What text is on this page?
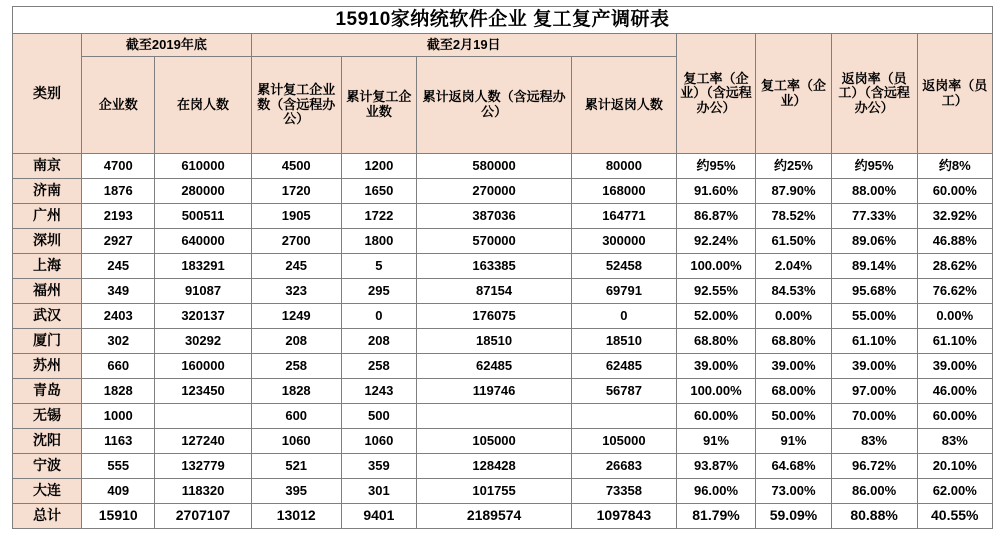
15910家纳统软件企业 复工复产调研表										
类别	截至2019年底		截至2月19日				复工率（企业）（含远程办公）	复工率（企业）	返岗率（员工）（含远程办公）	返岗率（员工）
	企业数	在岗人数	累计复工企业数（含远程办公）	累计复工企业数	累计返岗人数（含远程办公）	累计返岗人数				
南京	4700	610000	4500	1200	580000	80000	约95%	约25%	约95%	约8%
济南	1876	280000	1720	1650	270000	168000	91.60%	87.90%	88.00%	60.00%
广州	2193	500511	1905	1722	387036	164771	86.87%	78.52%	77.33%	32.92%
深圳	2927	640000	2700	1800	570000	300000	92.24%	61.50%	89.06%	46.88%
上海	245	183291	245	5	163385	52458	100.00%	2.04%	89.14%	28.62%
福州	349	91087	323	295	87154	69791	92.55%	84.53%	95.68%	76.62%
武汉	2403	320137	1249	0	176075	0	52.00%	0.00%	55.00%	0.00%
厦门	302	30292	208	208	18510	18510	68.80%	68.80%	61.10%	61.10%
苏州	660	160000	258	258	62485	62485	39.00%	39.00%	39.00%	39.00%
青岛	1828	123450	1828	1243	119746	56787	100.00%	68.00%	97.00%	46.00%
无锡	1000		600	500			60.00%	50.00%	70.00%	60.00%
沈阳	1163	127240	1060	1060	105000	105000	91%	91%	83%	83%
宁波	555	132779	521	359	128428	26683	93.87%	64.68%	96.72%	20.10%
大连	409	118320	395	301	101755	73358	96.00%	73.00%	86.00%	62.00%
总计	15910	2707107	13012	9401	2189574	1097843	81.79%	59.09%	80.88%	40.55%
